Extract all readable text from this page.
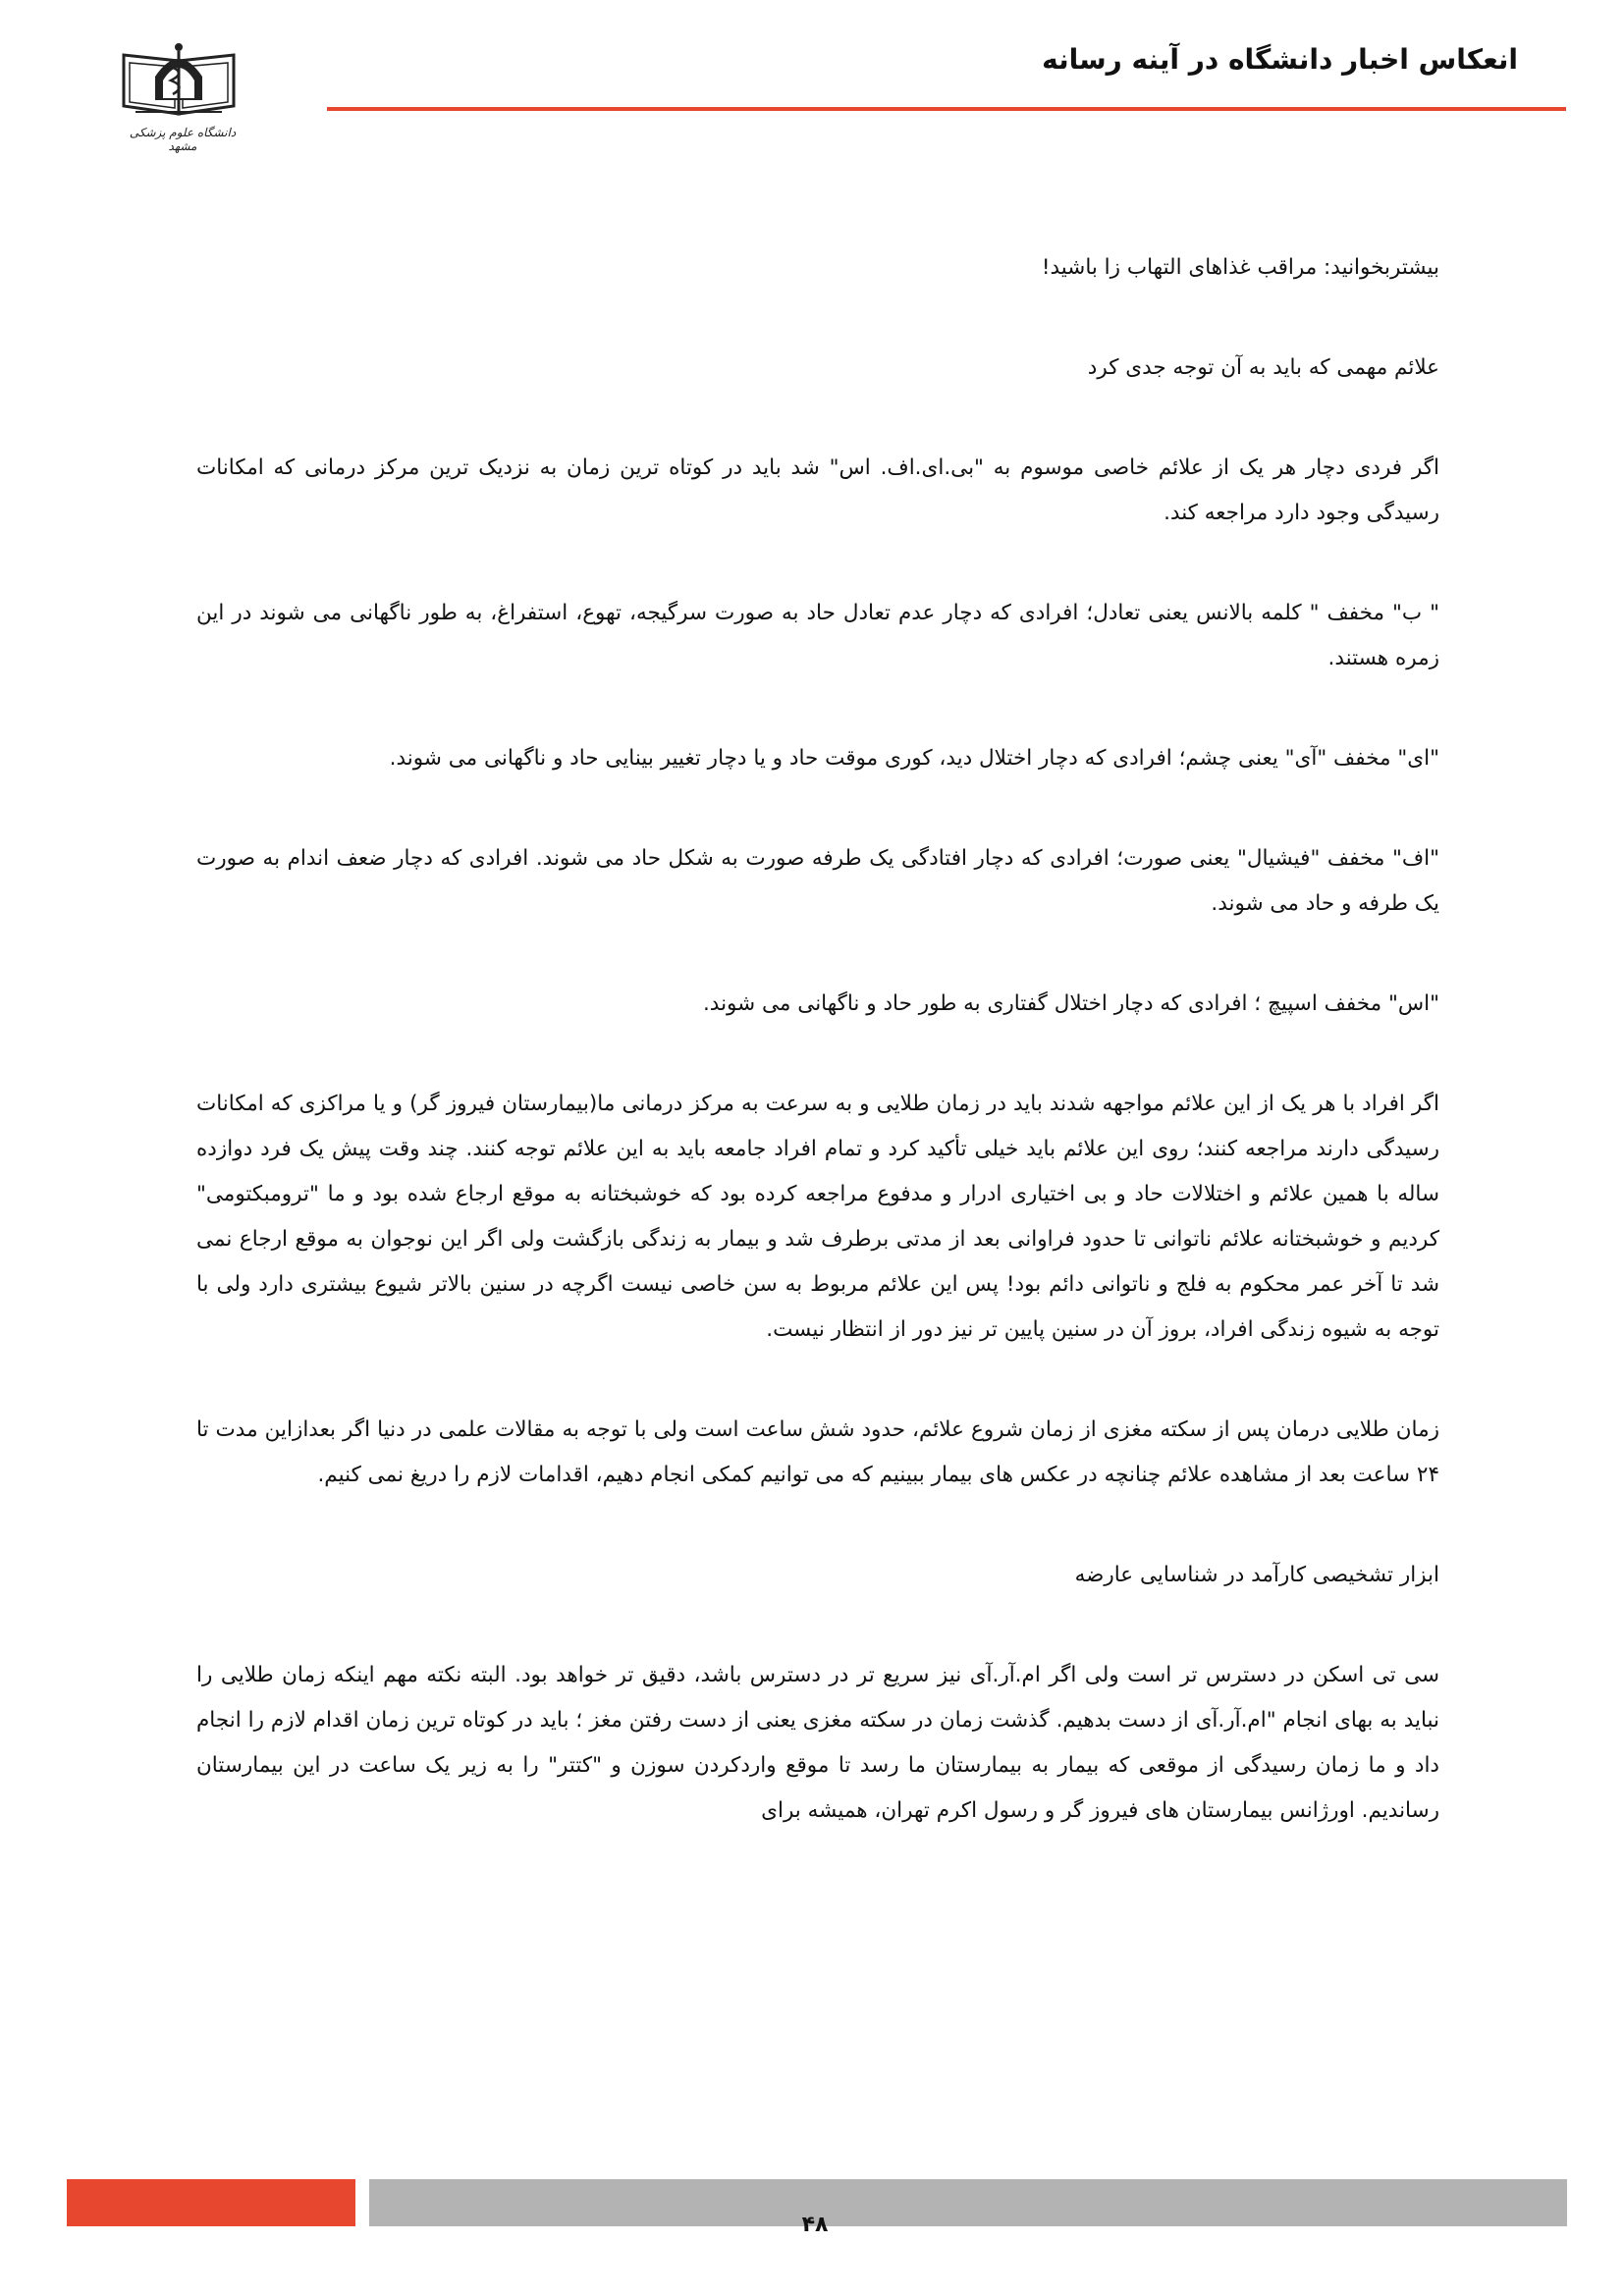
انعکاس اخبار دانشگاه در آینه رسانه
دانشگاه علوم پزشکی مشهد

بیشتربخوانید: مراقب غذاهای التهاب زا باشید!

علائم مهمی که باید به آن توجه جدی کرد

اگر فردی دچار هر یک از علائم خاصی موسوم به "بی.ای.اف. اس" شد باید در کوتاه ترین زمان به نزدیک ترین مرکز درمانی که امکانات رسیدگی وجود دارد مراجعه کند.

" ب" مخفف " کلمه بالانس یعنی تعادل؛ افرادی که دچار عدم تعادل حاد به صورت سرگیجه، تهوع، استفراغ، به طور ناگهانی می شوند در این زمره هستند.

"ای" مخفف "آی" یعنی چشم؛ افرادی که دچار اختلال دید، کوری موقت حاد و یا دچار تغییر بینایی حاد و ناگهانی می شوند.

"اف" مخفف "فیشیال" یعنی صورت؛ افرادی که دچار افتادگی یک طرفه صورت به شکل حاد می شوند. افرادی که دچار ضعف اندام به صورت یک طرفه و حاد می شوند.

"اس" مخفف اسپیچ ؛ افرادی که دچار اختلال گفتاری به طور حاد و ناگهانی می شوند.

اگر افراد با هر یک از این علائم مواجهه شدند باید در زمان طلایی و به سرعت به مرکز درمانی ما(بیمارستان فیروز گر) و یا مراکزی که امکانات رسیدگی دارند مراجعه کنند؛ روی این علائم باید خیلی تأکید کرد و تمام افراد جامعه باید به این علائم توجه کنند. چند وقت پیش یک فرد دوازده ساله با همین علائم و اختلالات حاد و بی اختیاری ادرار و مدفوع مراجعه کرده بود که خوشبختانه به موقع ارجاع شده بود و ما "ترومبکتومی" کردیم و خوشبختانه علائم ناتوانی تا حدود فراوانی بعد از مدتی برطرف شد و بیمار به زندگی بازگشت ولی اگر این نوجوان به موقع ارجاع نمی شد تا آخر عمر محکوم به فلج و ناتوانی دائم بود! پس این علائم مربوط به سن خاصی نیست اگرچه در سنین بالاتر شیوع بیشتری دارد ولی با توجه به شیوه زندگی افراد، بروز آن در سنین پایین تر نیز دور از انتظار نیست.

زمان طلایی درمان پس از سکته مغزی از زمان شروع علائم، حدود شش ساعت است ولی با توجه به مقالات علمی در دنیا اگر بعدازاین مدت تا ۲۴ ساعت بعد از مشاهده علائم چنانچه در عکس های بیمار ببینیم که می توانیم کمکی انجام دهیم، اقدامات لازم را دریغ نمی کنیم.

ابزار تشخیصی کارآمد در شناسایی عارضه

سی تی اسکن در دسترس تر است ولی اگر ام.آر.آی نیز سریع تر در دسترس باشد، دقیق تر خواهد بود. البته نکته مهم اینکه زمان طلایی را نباید به بهای انجام "ام.آر.آی از دست بدهیم. گذشت زمان در سکته مغزی یعنی از دست رفتن مغز ؛ باید در کوتاه ترین زمان اقدام لازم را انجام داد و ما زمان رسیدگی از موقعی که بیمار به بیمارستان ما رسد تا موقع واردکردن سوزن و "کتتر" را به زیر یک ساعت در این بیمارستان رساندیم. اورژانس بیمارستان های فیروز گر و رسول اکرم تهران، همیشه برای

۴۸
